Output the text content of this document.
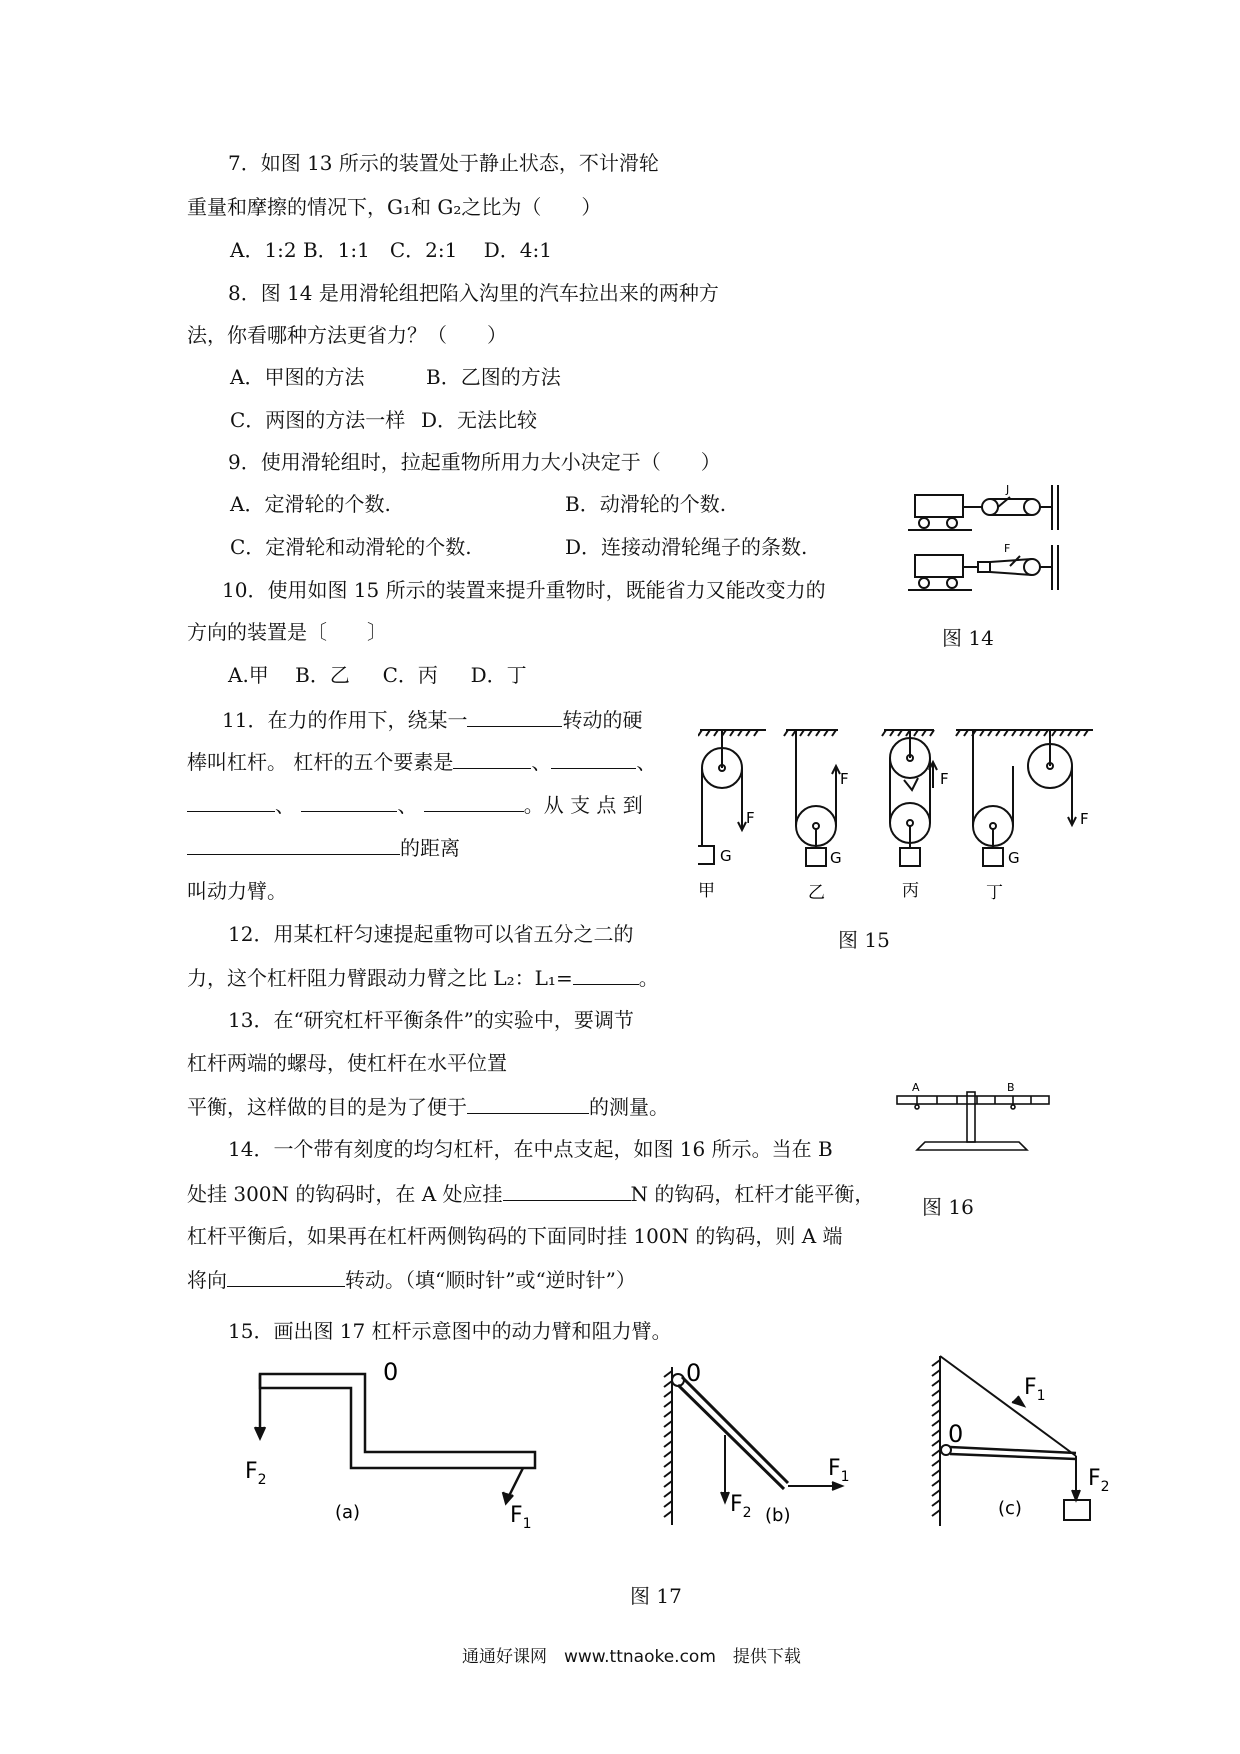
7．如图 13 所示的装置处于静止状态，不计滑轮
重量和摩擦的情况下，G₁和 G₂之比为（　　）
A．1:2 B．1:1　C．2:1　 D．4:1
8．图 14 是用滑轮组把陷入沟里的汽车拉出来的两种方
法，你看哪种方法更省力？（　　）
A．甲图的方法	B．乙图的方法
C．两图的方法一样 D．无法比较
9．使用滑轮组时，拉起重物所用力大小决定于（　　）
A．定滑轮的个数.	B．动滑轮的个数.
C．定滑轮和动滑轮的个数.	D．连接动滑轮绳子的条数.
10．使用如图 15 所示的装置来提升重物时，既能省力又能改变力的
方向的装置是〔　　〕
A.甲　 B．乙 　 C．丙 　 D．丁
11．在力的作用下，绕某一	转动的硬
棒叫杠杆。 杠杆的五个要素是	、	、
、	、	。从 支 点 到
的距离
叫动力臂。
12．用某杠杆匀速提起重物可以省五分之二的
力，这个杠杆阻力臂跟动力臂之比 L₂：L₁=	。
13．在“研究杠杆平衡条件”的实验中，要调节
杠杆两端的螺母，使杠杆在水平位置
平衡，这样做的目的是为了便于	的测量。
14．一个带有刻度的均匀杠杆，在中点支起，如图 16 所示。当在 B
处挂 300N 的钩码时，在 A 处应挂	N 的钩码，杠杆才能平衡，
杠杆平衡后，如果再在杠杆两侧钩码的下面同时挂 100N 的钩码，则 A 端
将向	转动。（填“顺时针”或“逆时针”）
15．画出图 17 杠杆示意图中的动力臂和阻力臂。
J
F
图 14
F
G
F
G
F
F
G
甲	乙	丙	丁
图 15
A	B
图 16
0
$F_2$
$F_1$
(a)
0
$F_2$
$F_1$
(b)
$F_1$
0
$F_2$
(c)
图 17
通通好课网　www.ttnaoke.com　提供下载
